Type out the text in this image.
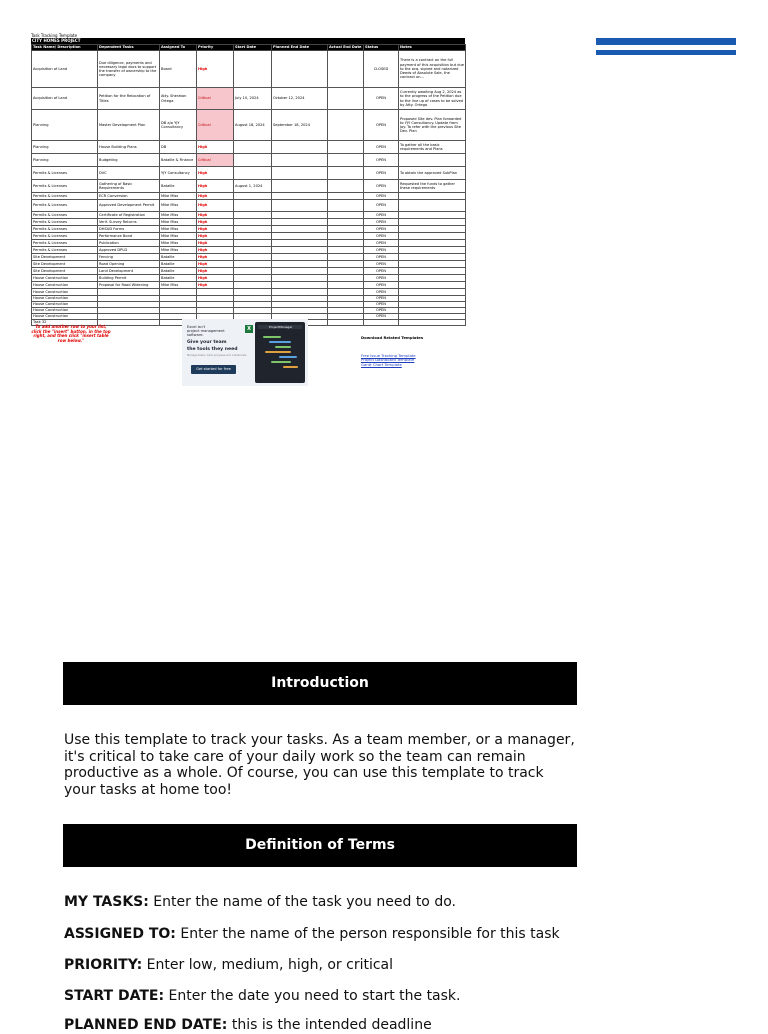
Task Tracking Template
CITY HOMES PROJECT
Task Name/ Description	Dependent Tasks	Assigned To	Priority	Start Date	Planned End Date	Actual End Date	Status	Notes
Acquisition of Land	Due diligence, payments and necessary legal docs to support the transfer of ownership to the company	Board	High				CLOSED	There is a contract on the full payment of this acquisition but due to the acq. signed and notarized Deeds of Absolute Sale, the contract on...
Acquisition of Land	Petition for the Relocation of Titles	Atty. Sheraton Ortega	Critical	July 10, 2024	October 12, 2024		OPEN	Currently awaiting Aug 2, 2024 as to the progress of the Petition due to the line up of cases to be solved by Atty. Ortega
Planning	Master Development Plan	DB a/o YJY Consultancy	Critical	August 18, 2024	September 18, 2024		OPEN	Proposed Site dev. Plan forwarded to YJY Consultancy. Update from Jay. To refer with the previous Site Dev. Plan
Planning	House Building Plans	DB	High				OPEN	To gather all the basic requirements and Plans
Planning	Budgeting	Bataille & Finance	Critical				OPEN	
Permits & Licenses	DVC	YJY Consultancy	High				OPEN	To obtain the approved SubPlan
Permits & Licenses	Gathering of Basic Requirements	Bataille	High	August 1, 2024			OPEN	Requested the funds to gather these requirements
Permits & Licenses	ECR Conversion	Mike Miss	High				OPEN	
Permits & Licenses	Approved Development Permit	Mike Miss	High				OPEN	
Permits & Licenses	Certificate of Registration	Mike Miss	High				OPEN	
Permits & Licenses	Verif. Survey Returns	Mike Miss	High				OPEN	
Permits & Licenses	DHSUD Forms	Mike Miss	High				OPEN	
Permits & Licenses	Performance Bond	Mike Miss	High				OPEN	
Permits & Licenses	Publication	Mike Miss	High				OPEN	
Permits & Licenses	Approved DPLD	Mike Miss	High				OPEN	
Site Development	Fencing	Bataille	High				OPEN	
Site Development	Road Opening	Bataille	High				OPEN	
Site Development	Land Development	Bataille	High				OPEN	
House Construction	Building Permit	Bataille	High				OPEN	
House Construction	Proposal for Road Widening	Mike Miss	High				OPEN	
House Construction							OPEN	
House Construction							OPEN	
House Construction							OPEN	
House Construction							OPEN	
House Construction							OPEN	
Task 32								
To add another row to your list, click the "insert" button, in the top right, and then click "insert table row below."
Excel isn't
project management
software.
Give your team
the tools they need
Manage tasks, track progress and collaborate
Get started for free
X	ProjectManager
Download Related Templates
Free Issue Tracking Template
Project Dashboard Template
Gantt Chart Template
Introduction
Use this template to track your tasks. As a team member, or a manager, it's critical to take care of your daily work so the team can remain productive as a whole. Of course, you can use this template to track your tasks at home too!
Definition of Terms
MY TASKS: Enter the name of the task you need to do.
ASSIGNED TO: Enter the name of the person responsible for this task
PRIORITY: Enter low, medium, high, or critical
START DATE: Enter the date you need to start the task.
PLANNED END DATE: this is the intended deadline
